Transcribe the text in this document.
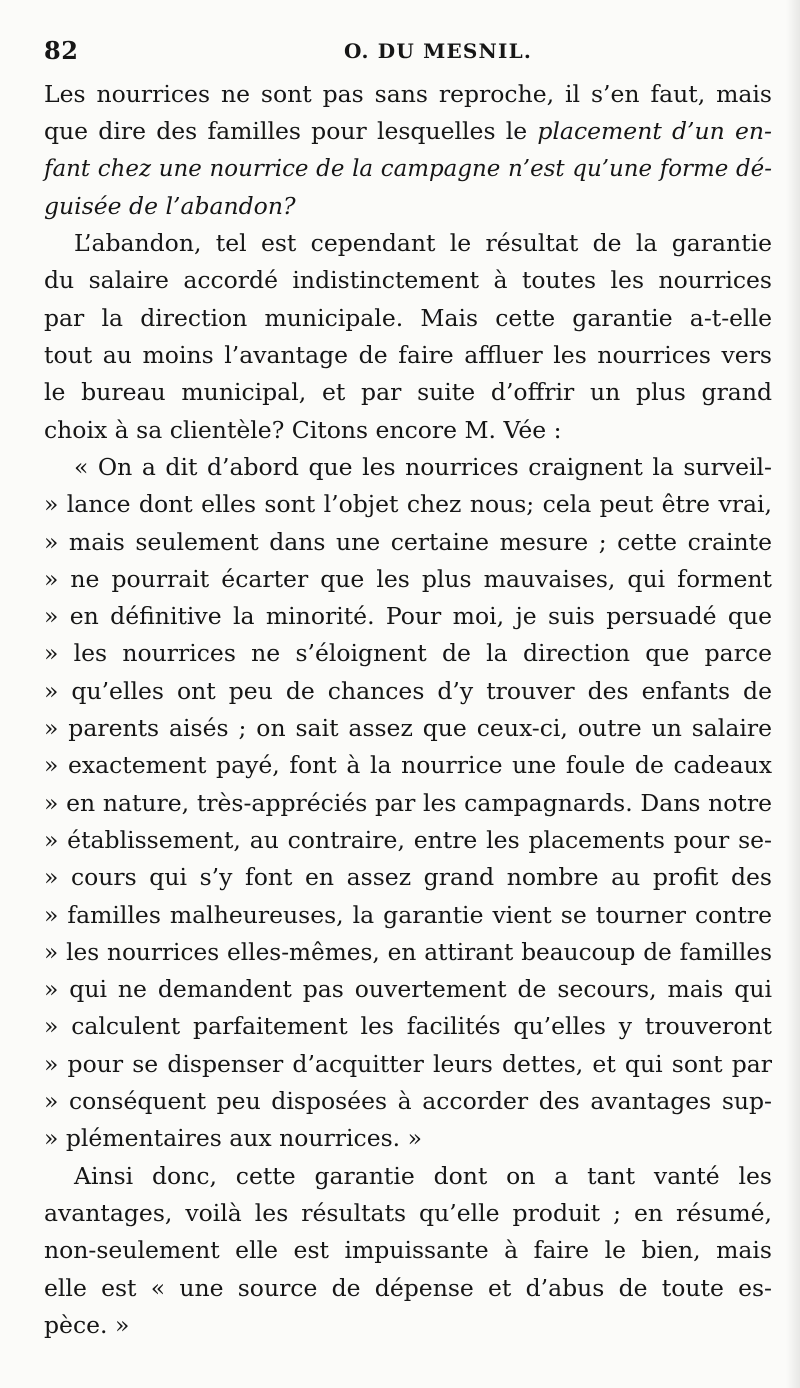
82	O. DU MESNIL.
Les nourrices ne sont pas sans reproche, il s’en faut, mais
que dire des familles pour lesquelles le placement d’un en-
fant chez une nourrice de la campagne n’est qu’une forme dé-
guisée de l’abandon?
L’abandon, tel est cependant le résultat de la garantie
du salaire accordé indistinctement à toutes les nourrices
par la direction municipale. Mais cette garantie a-t-elle
tout au moins l’avantage de faire affluer les nourrices vers
le bureau municipal, et par suite d’offrir un plus grand
choix à sa clientèle? Citons encore M. Vée :
« On a dit d’abord que les nourrices craignent la surveil-
» lance dont elles sont l’objet chez nous; cela peut être vrai,
» mais seulement dans une certaine mesure ; cette crainte
» ne pourrait écarter que les plus mauvaises, qui forment
» en définitive la minorité. Pour moi, je suis persuadé que
» les nourrices ne s’éloignent de la direction que parce
» qu’elles ont peu de chances d’y trouver des enfants de
» parents aisés ; on sait assez que ceux-ci, outre un salaire
» exactement payé, font à la nourrice une foule de cadeaux
» en nature, très-appréciés par les campagnards. Dans notre
» établissement, au contraire, entre les placements pour se-
» cours qui s’y font en assez grand nombre au profit des
» familles malheureuses, la garantie vient se tourner contre
» les nourrices elles-mêmes, en attirant beaucoup de familles
» qui ne demandent pas ouvertement de secours, mais qui
» calculent parfaitement les facilités qu’elles y trouveront
» pour se dispenser d’acquitter leurs dettes, et qui sont par
» conséquent peu disposées à accorder des avantages sup-
» plémentaires aux nourrices. »
Ainsi donc, cette garantie dont on a tant vanté les
avantages, voilà les résultats qu’elle produit ; en résumé,
non-seulement elle est impuissante à faire le bien, mais
elle est « une source de dépense et d’abus de toute es-
pèce. »
